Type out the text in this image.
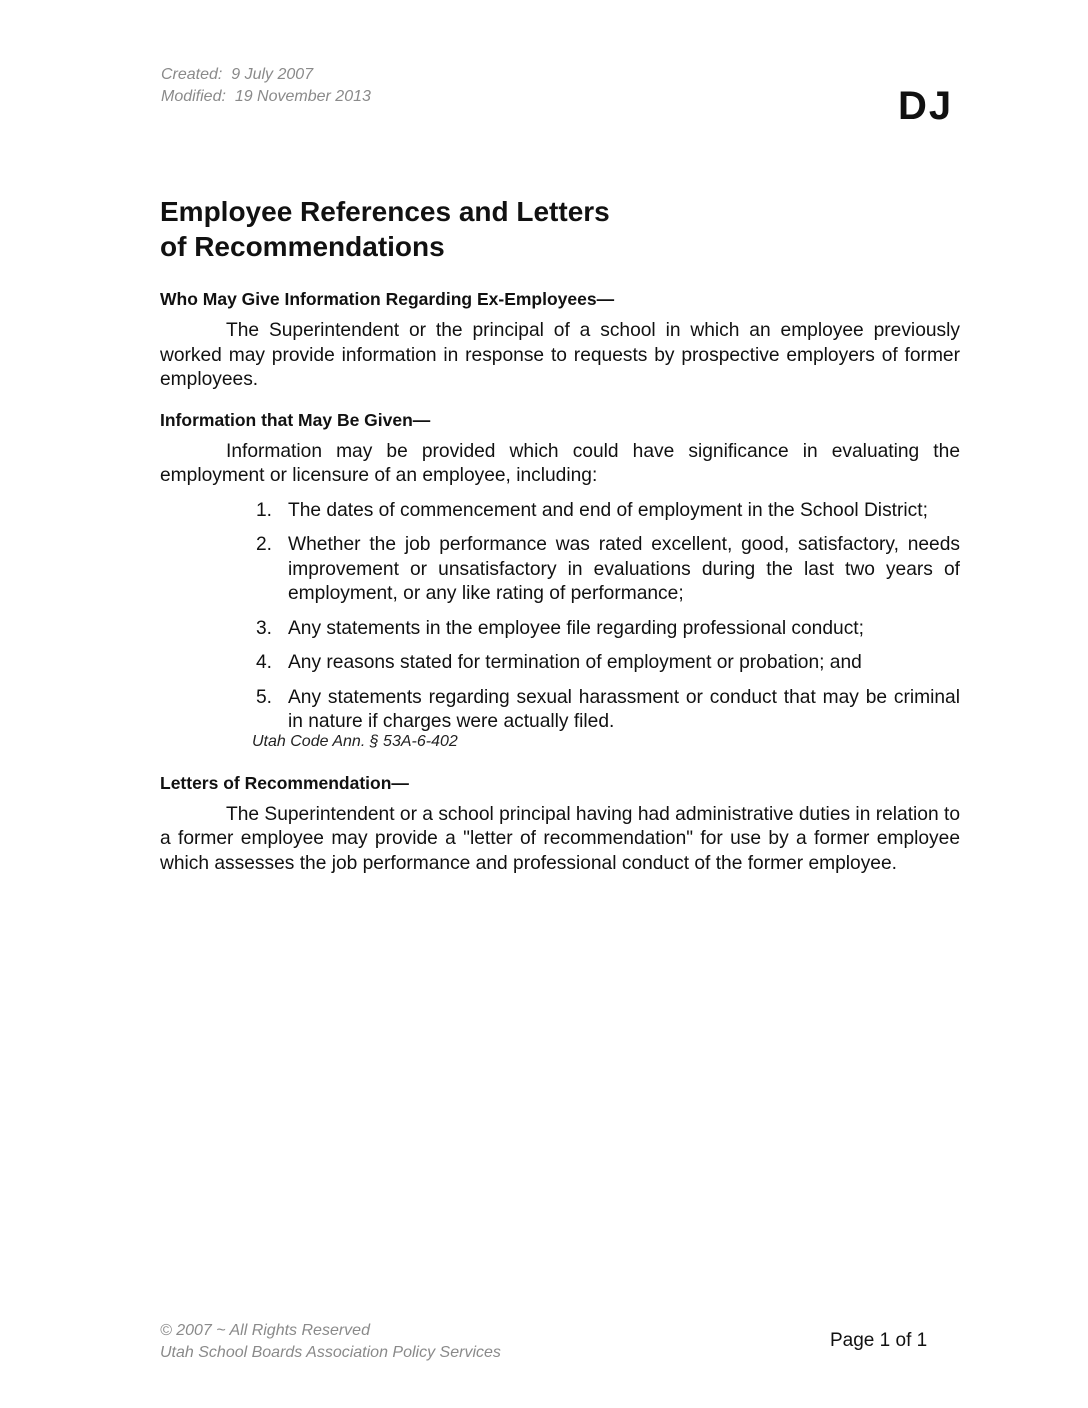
Created:  9 July 2007
Modified:  19 November 2013	DJ
Employee References and Letters
of Recommendations
Who May Give Information Regarding Ex-Employees—

The Superintendent or the principal of a school in which an employee previously worked may provide information in response to requests by prospective employers of former employees.

Information that May Be Given—

Information may be provided which could have significance in evaluating the employment or licensure of an employee, including:

1. The dates of commencement and end of employment in the School District;
2. Whether the job performance was rated excellent, good, satisfactory, needs improvement or unsatisfactory in evaluations during the last two years of employment, or any like rating of performance;
3. Any statements in the employee file regarding professional conduct;
4. Any reasons stated for termination of employment or probation; and
5. Any statements regarding sexual harassment or conduct that may be criminal in nature if charges were actually filed.
Utah Code Ann. § 53A-6-402
Letters of Recommendation—

The Superintendent or a school principal having had administrative duties in relation to a former employee may provide a "letter of recommendation" for use by a former employee which assesses the job performance and professional conduct of the former employee.

© 2007 ~ All Rights Reserved
Utah School Boards Association Policy Services
Page 1 of 1
